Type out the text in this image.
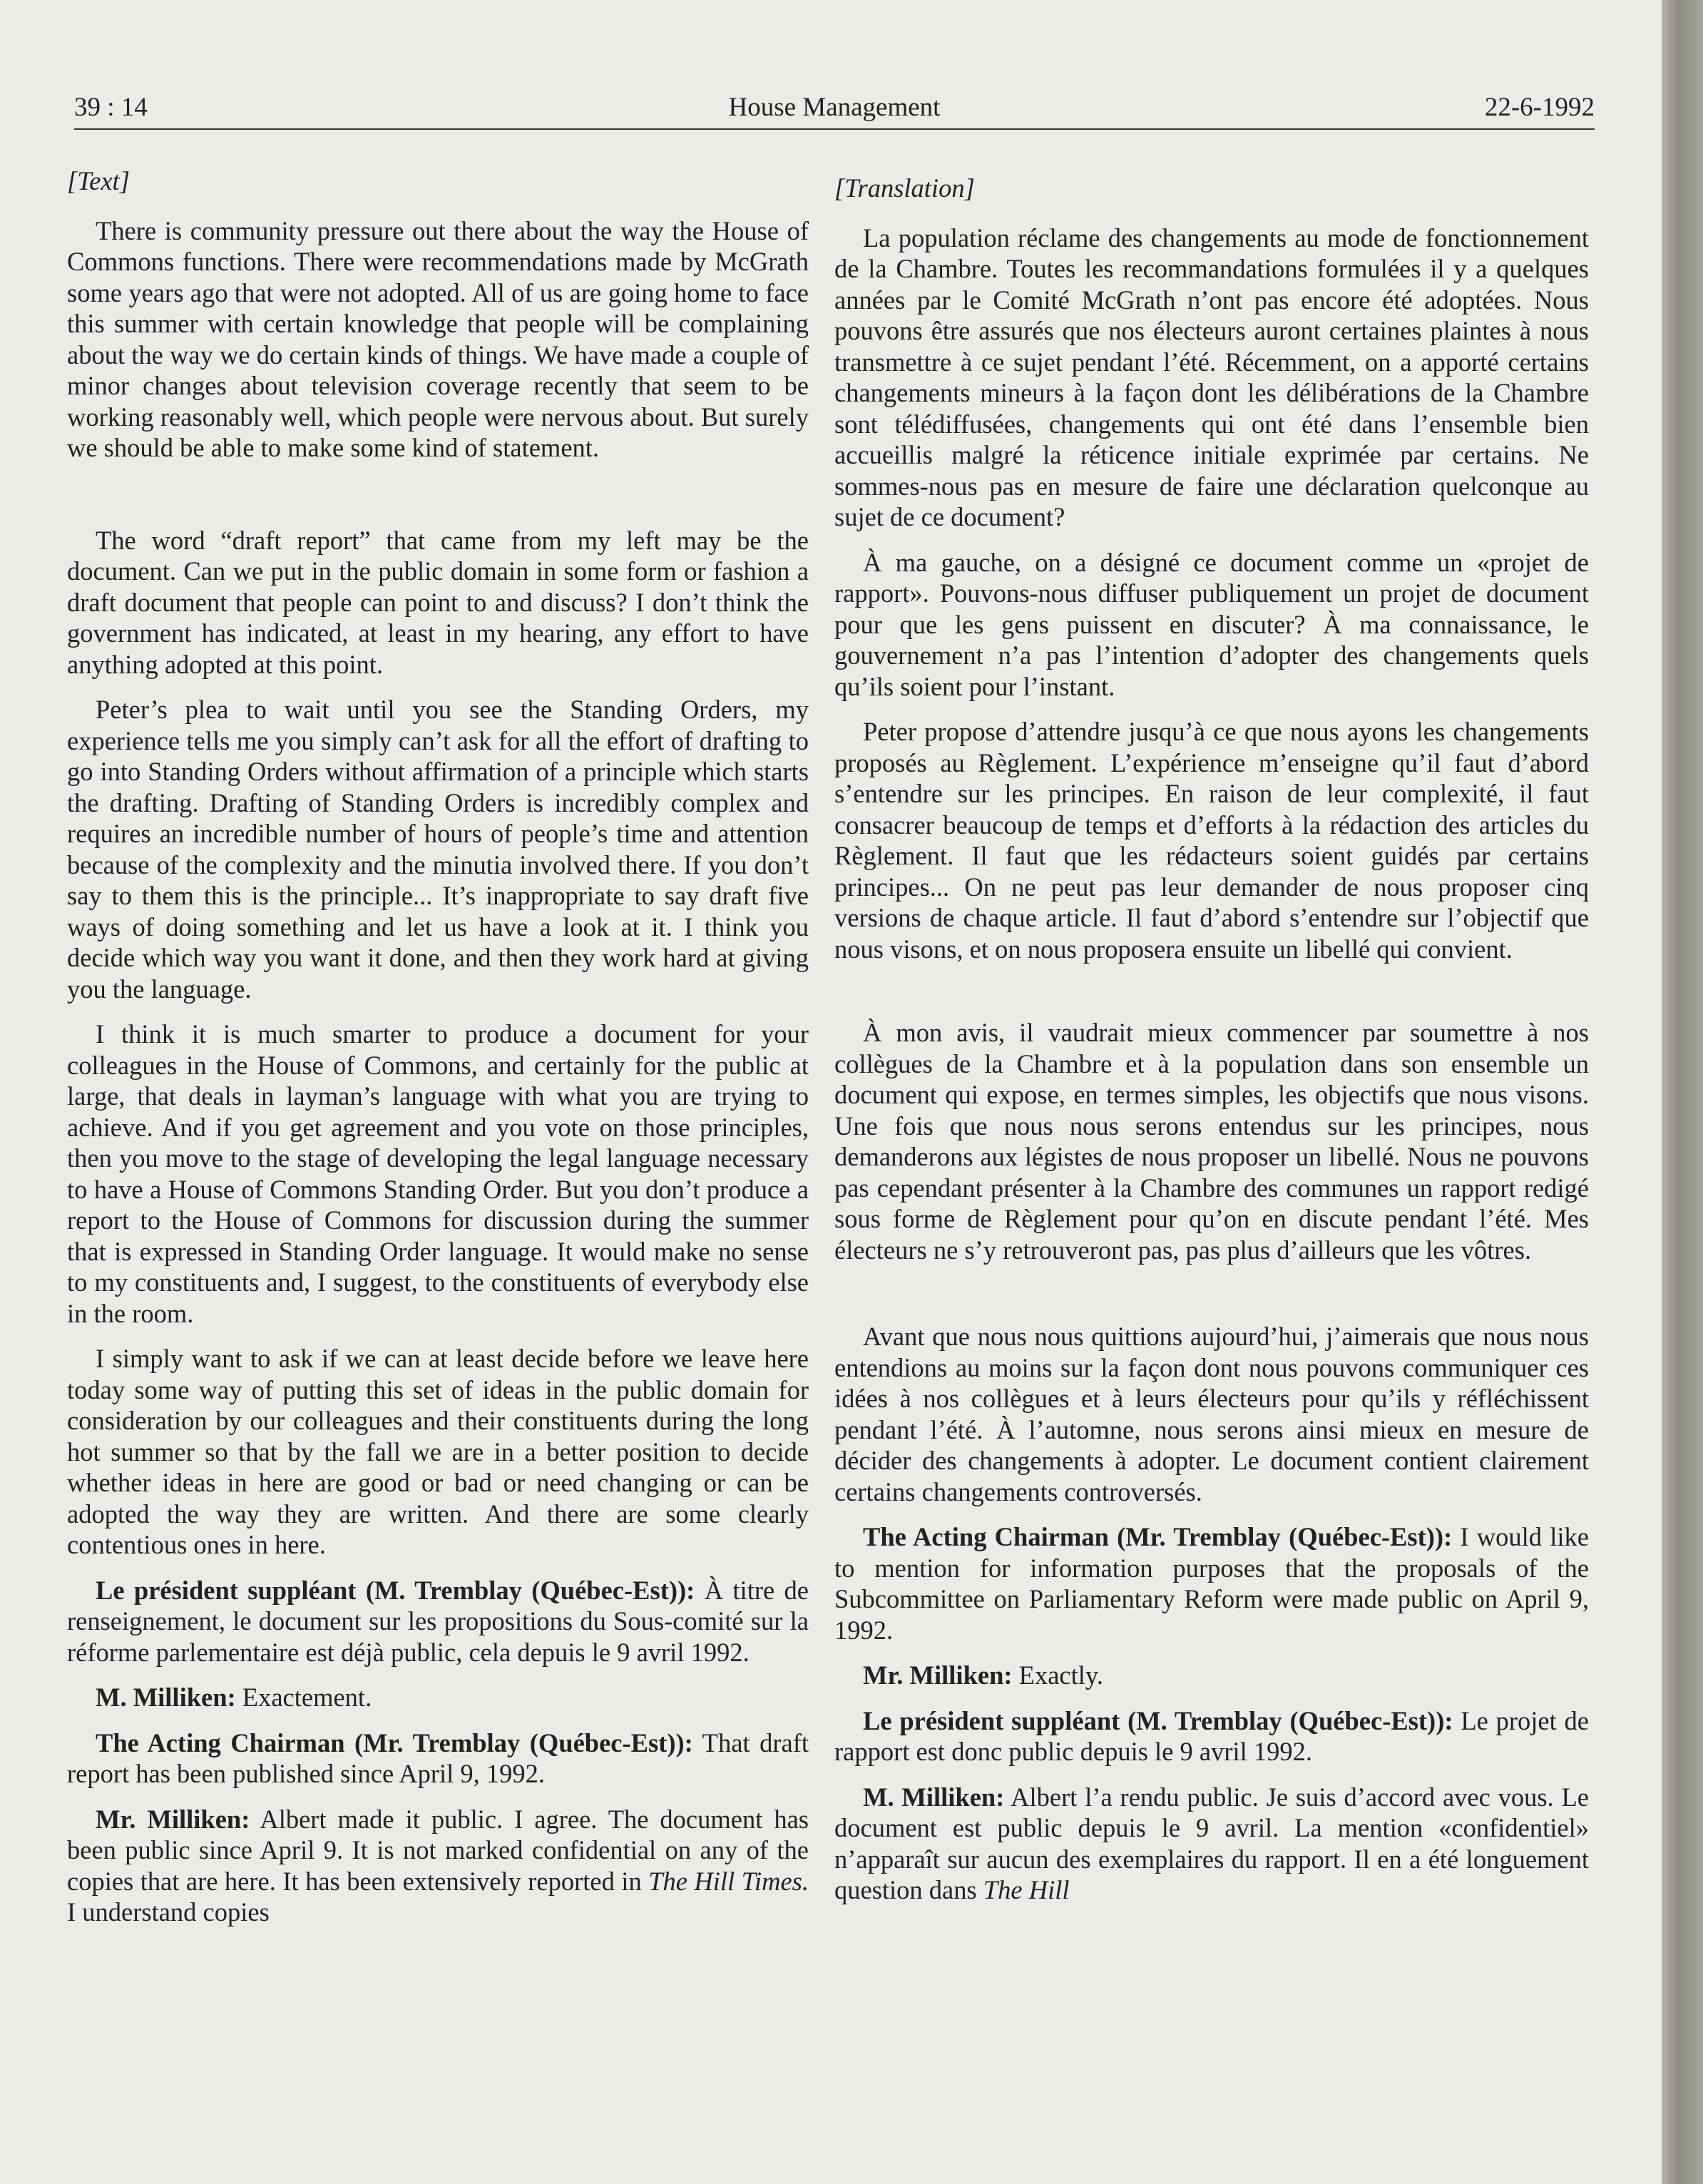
39 : 14	House Management	22-6-1992

[Text]

There is community pressure out there about the way the House of Commons functions. There were recommendations made by McGrath some years ago that were not adopted. All of us are going home to face this summer with certain knowledge that people will be complaining about the way we do certain kinds of things. We have made a couple of minor changes about television coverage recently that seem to be working reasonably well, which people were nervous about. But surely we should be able to make some kind of statement.

The word “draft report” that came from my left may be the document. Can we put in the public domain in some form or fashion a draft document that people can point to and discuss? I don’t think the government has indicated, at least in my hearing, any effort to have anything adopted at this point.

Peter’s plea to wait until you see the Standing Orders, my experience tells me you simply can’t ask for all the effort of drafting to go into Standing Orders without affirmation of a principle which starts the drafting. Drafting of Standing Orders is incredibly complex and requires an incredible number of hours of people’s time and attention because of the complexity and the minutia involved there. If you don’t say to them this is the principle... It’s inappropriate to say draft five ways of doing something and let us have a look at it. I think you decide which way you want it done, and then they work hard at giving you the language.

I think it is much smarter to produce a document for your colleagues in the House of Commons, and certainly for the public at large, that deals in layman’s language with what you are trying to achieve. And if you get agreement and you vote on those principles, then you move to the stage of developing the legal language necessary to have a House of Commons Standing Order. But you don’t produce a report to the House of Commons for discussion during the summer that is expressed in Standing Order language. It would make no sense to my constituents and, I suggest, to the constituents of everybody else in the room.

I simply want to ask if we can at least decide before we leave here today some way of putting this set of ideas in the public domain for consideration by our colleagues and their constituents during the long hot summer so that by the fall we are in a better position to decide whether ideas in here are good or bad or need changing or can be adopted the way they are written. And there are some clearly contentious ones in here.

Le président suppléant (M. Tremblay (Québec-Est)): À titre de renseignement, le document sur les propositions du Sous-comité sur la réforme parlementaire est déjà public, cela depuis le 9 avril 1992.

M. Milliken: Exactement.

The Acting Chairman (Mr. Tremblay (Québec-Est)): That draft report has been published since April 9, 1992.

Mr. Milliken: Albert made it public. I agree. The document has been public since April 9. It is not marked confidential on any of the copies that are here. It has been extensively reported in The Hill Times. I understand copies

[Translation]

La population réclame des changements au mode de fonctionnement de la Chambre. Toutes les recommandations formulées il y a quelques années par le Comité McGrath n’ont pas encore été adoptées. Nous pouvons être assurés que nos électeurs auront certaines plaintes à nous transmettre à ce sujet pendant l’été. Récemment, on a apporté certains changements mineurs à la façon dont les délibérations de la Chambre sont télédiffusées, changements qui ont été dans l’ensemble bien accueillis malgré la réticence initiale exprimée par certains. Ne sommes-nous pas en mesure de faire une déclaration quelconque au sujet de ce document?

À ma gauche, on a désigné ce document comme un «projet de rapport». Pouvons-nous diffuser publiquement un projet de document pour que les gens puissent en discuter? À ma connaissance, le gouvernement n’a pas l’intention d’adopter des changements quels qu’ils soient pour l’instant.

Peter propose d’attendre jusqu’à ce que nous ayons les changements proposés au Règlement. L’expérience m’enseigne qu’il faut d’abord s’entendre sur les principes. En raison de leur complexité, il faut consacrer beaucoup de temps et d’efforts à la rédaction des articles du Règlement. Il faut que les rédacteurs soient guidés par certains principes... On ne peut pas leur demander de nous proposer cinq versions de chaque article. Il faut d’abord s’entendre sur l’objectif que nous visons, et on nous proposera ensuite un libellé qui convient.

À mon avis, il vaudrait mieux commencer par soumettre à nos collègues de la Chambre et à la population dans son ensemble un document qui expose, en termes simples, les objectifs que nous visons. Une fois que nous nous serons entendus sur les principes, nous demanderons aux légistes de nous proposer un libellé. Nous ne pouvons pas cependant présenter à la Chambre des communes un rapport redigé sous forme de Règlement pour qu’on en discute pendant l’été. Mes électeurs ne s’y retrouveront pas, pas plus d’ailleurs que les vôtres.

Avant que nous nous quittions aujourd’hui, j’aimerais que nous nous entendions au moins sur la façon dont nous pouvons communiquer ces idées à nos collègues et à leurs électeurs pour qu’ils y réfléchissent pendant l’été. À l’automne, nous serons ainsi mieux en mesure de décider des changements à adopter. Le document contient clairement certains changements controversés.

The Acting Chairman (Mr. Tremblay (Québec-Est)): I would like to mention for information purposes that the proposals of the Subcommittee on Parliamentary Reform were made public on April 9, 1992.

Mr. Milliken: Exactly.

Le président suppléant (M. Tremblay (Québec-Est)): Le projet de rapport est donc public depuis le 9 avril 1992.

M. Milliken: Albert l’a rendu public. Je suis d’accord avec vous. Le document est public depuis le 9 avril. La mention «confidentiel» n’apparaît sur aucun des exemplaires du rapport. Il en a été longuement question dans The Hill
